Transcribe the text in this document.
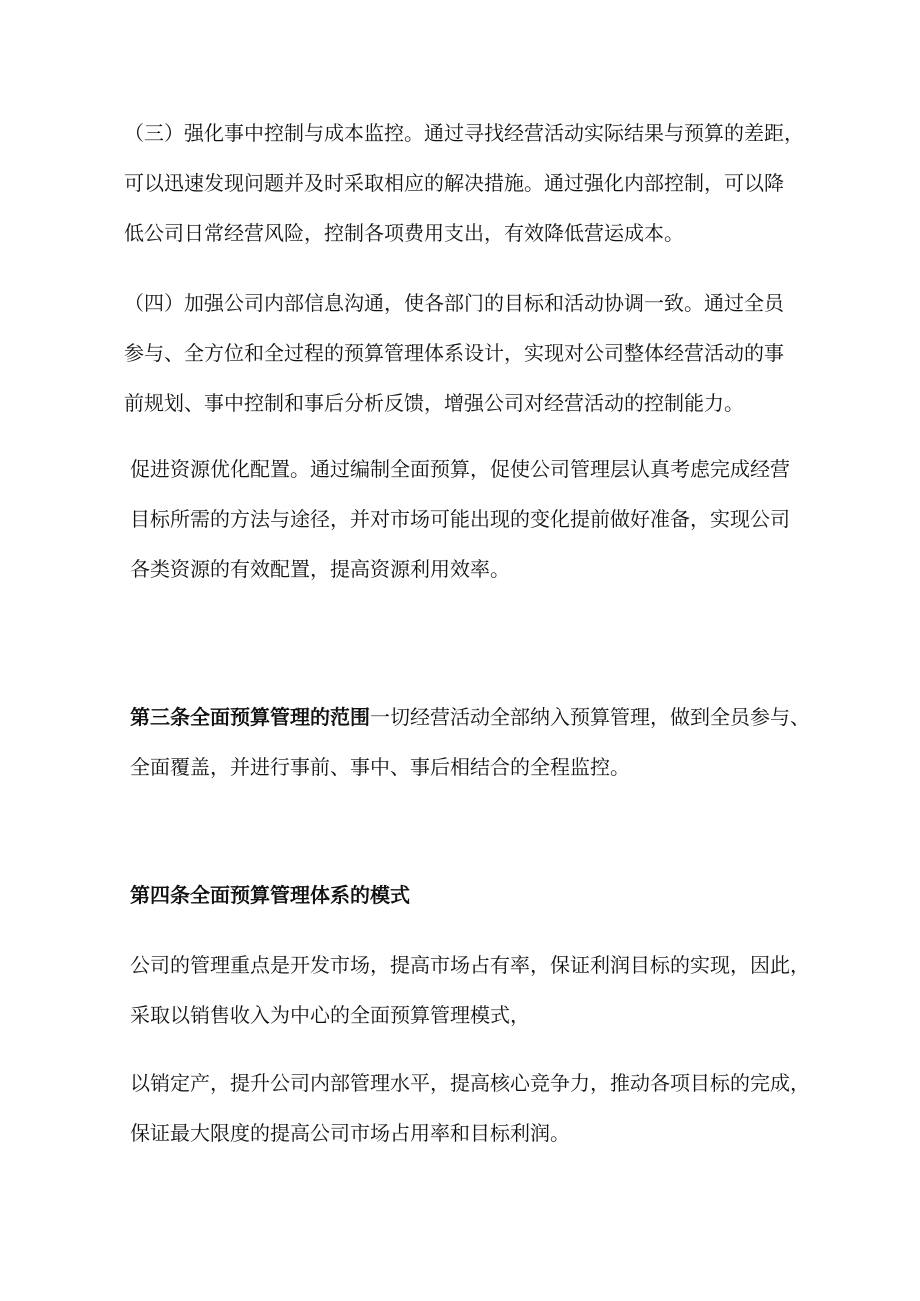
（三）强化事中控制与成本监控。通过寻找经营活动实际结果与预算的差距，
可以迅速发现问题并及时采取相应的解决措施。通过强化内部控制，可以降
低公司日常经营风险，控制各项费用支出，有效降低营运成本。

（四）加强公司内部信息沟通，使各部门的目标和活动协调一致。通过全员
参与、全方位和全过程的预算管理体系设计，实现对公司整体经营活动的事
前规划、事中控制和事后分析反馈，增强公司对经营活动的控制能力。

促进资源优化配置。通过编制全面预算，促使公司管理层认真考虑完成经营
目标所需的方法与途径，并对市场可能出现的变化提前做好准备，实现公司
各类资源的有效配置，提高资源利用效率。

第三条全面预算管理的范围一切经营活动全部纳入预算管理，做到全员参与、
全面覆盖，并进行事前、事中、事后相结合的全程监控。

第四条全面预算管理体系的模式

公司的管理重点是开发市场，提高市场占有率，保证利润目标的实现，因此，
采取以销售收入为中心的全面预算管理模式，

以销定产，提升公司内部管理水平，提高核心竞争力，推动各项目标的完成，
保证最大限度的提高公司市场占用率和目标利润。
